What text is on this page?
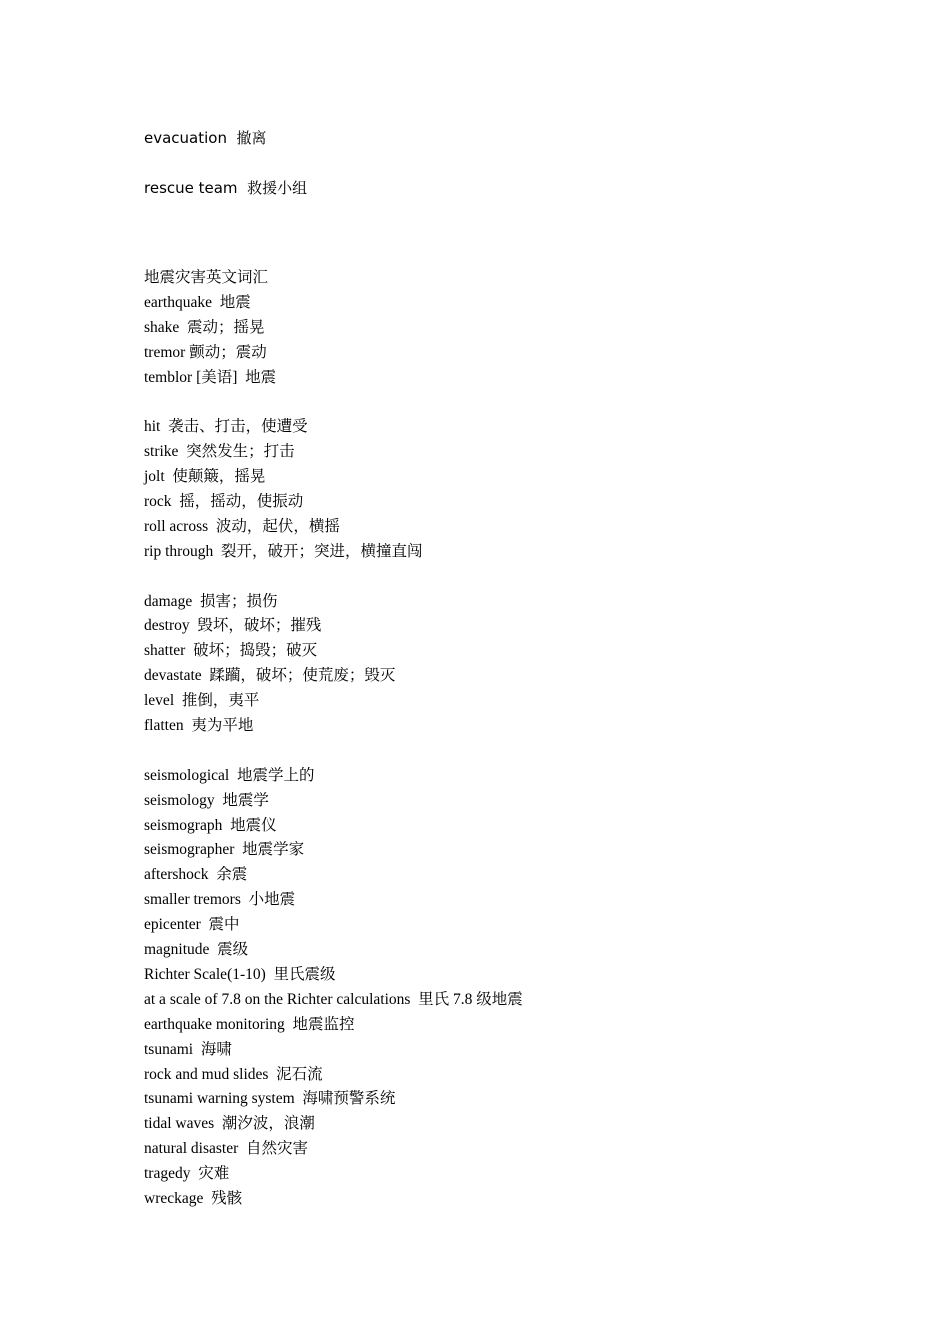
evacuation  撤离
rescue team  救援小组
地震灾害英文词汇
earthquake  地震
shake  震动；摇晃
tremor 颤动；震动
temblor [美语]  地震
hit  袭击、打击，使遭受
strike  突然发生；打击
jolt  使颠簸，摇晃
rock  摇，摇动，使振动
roll across  波动，起伏，横摇
rip through  裂开，破开；突进，横撞直闯
damage  损害；损伤
destroy  毁坏，破坏；摧残
shatter  破坏；捣毁；破灭
devastate  蹂躏，破坏；使荒废；毁灭
level  推倒，夷平
flatten  夷为平地
seismological  地震学上的
seismology  地震学
seismograph  地震仪
seismographer  地震学家
aftershock  余震
smaller tremors  小地震
epicenter  震中
magnitude  震级
Richter Scale(1-10)  里氏震级
at a scale of 7.8 on the Richter calculations  里氏 7.8 级地震
earthquake monitoring  地震监控
tsunami  海啸
rock and mud slides  泥石流
tsunami warning system  海啸预警系统
tidal waves  潮汐波，浪潮
natural disaster  自然灾害
tragedy  灾难
wreckage  残骸
